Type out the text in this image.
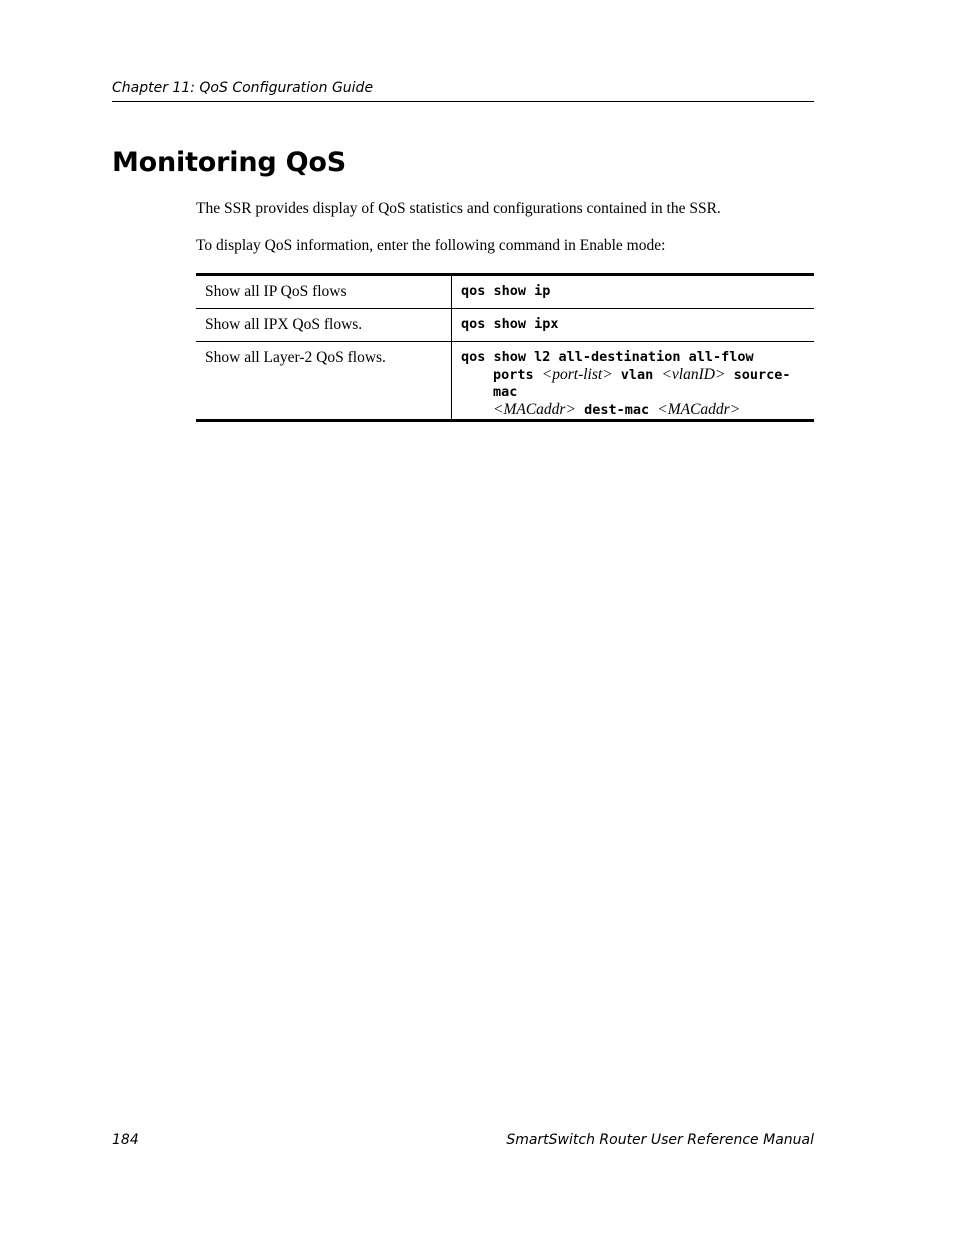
Chapter 11: QoS Configuration Guide
Monitoring QoS

The SSR provides display of QoS statistics and configurations contained in the SSR.

To display QoS information, enter the following command in Enable mode:

Show all IP QoS flows	qos show ip
Show all IPX QoS flows.	qos show ipx
Show all Layer-2 QoS flows.	qos show l2 all-destination all-flow
ports <port-list> vlan <vlanID> source-mac
<MACaddr> dest-mac <MACaddr>
184	SmartSwitch Router User Reference Manual
